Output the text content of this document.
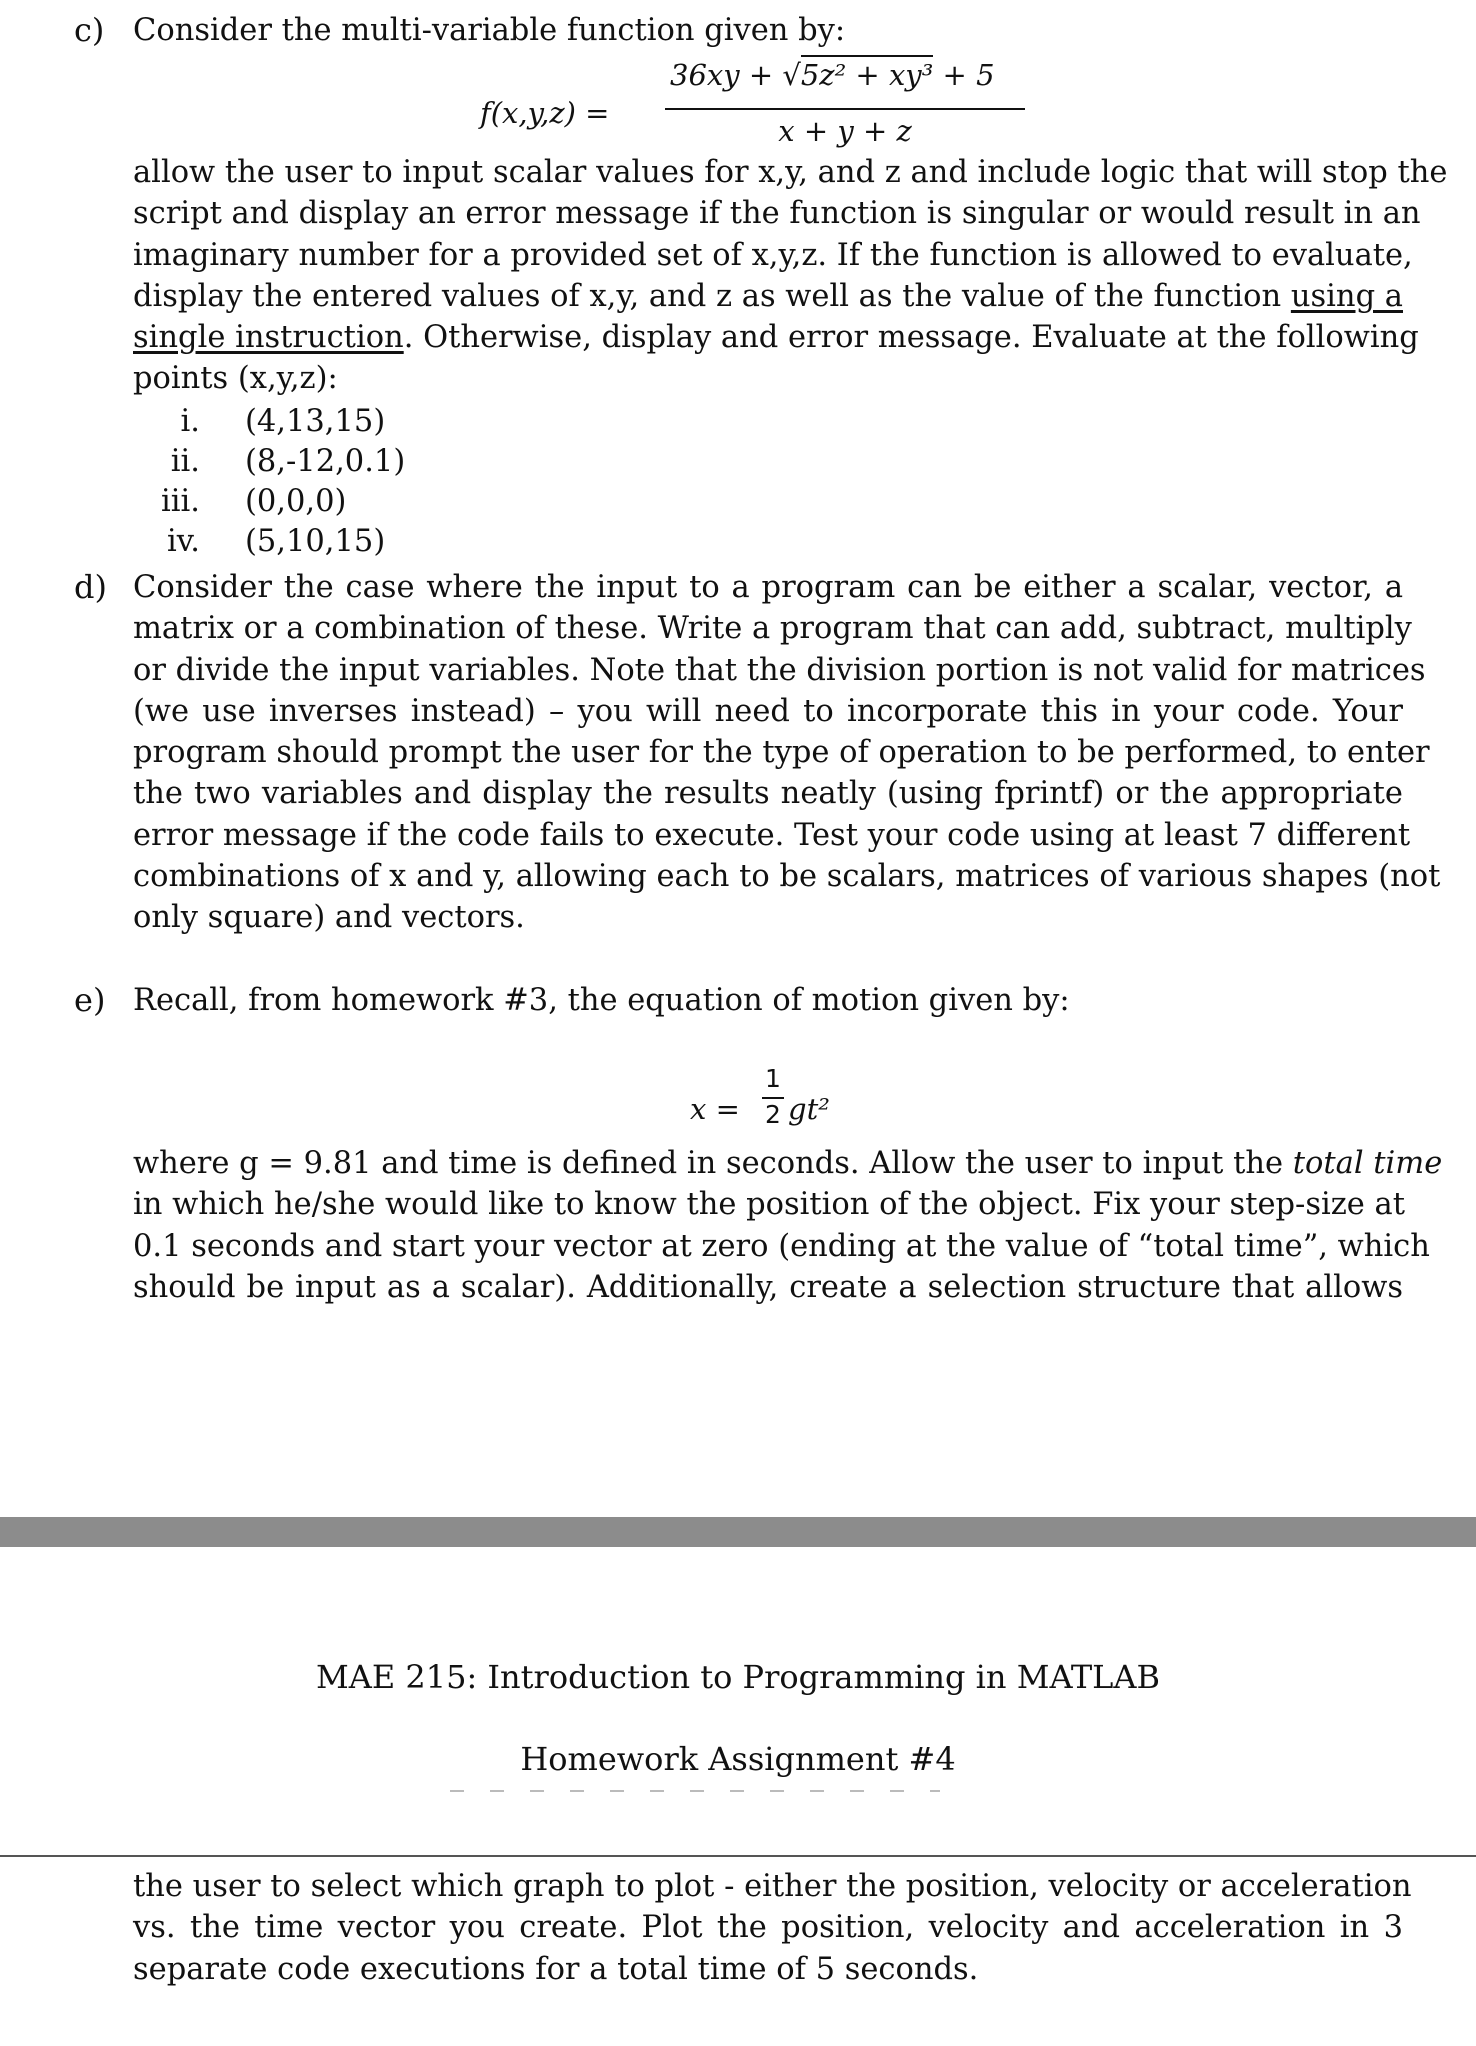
c) Consider the multi-variable function given by:
f(x,y,z) =
36xy + √5z² + xy³ + 5
x + y + z
allow the user to input scalar values for x,y, and z and include logic that will stop the
script and display an error message if the function is singular or would result in an
imaginary number for a provided set of x,y,z. If the function is allowed to evaluate,
display the entered values of x,y, and z as well as the value of the function using a
single instruction. Otherwise, display and error message. Evaluate at the following
points (x,y,z):
i. (4,13,15)
ii. (8,-12,0.1)
iii. (0,0,0)
iv. (5,10,15)
d) Consider the case where the input to a program can be either a scalar, vector, a
matrix or a combination of these. Write a program that can add, subtract, multiply
or divide the input variables. Note that the division portion is not valid for matrices
(we use inverses instead) – you will need to incorporate this in your code. Your
program should prompt the user for the type of operation to be performed, to enter
the two variables and display the results neatly (using fprintf) or the appropriate
error message if the code fails to execute. Test your code using at least 7 different
combinations of x and y, allowing each to be scalars, matrices of various shapes (not
only square) and vectors.
e) Recall, from homework #3, the equation of motion given by:
x =
1
2 gt²
where g = 9.81 and time is defined in seconds. Allow the user to input the total time
in which he/she would like to know the position of the object. Fix your step-size at
0.1 seconds and start your vector at zero (ending at the value of “total time”, which
should be input as a scalar). Additionally, create a selection structure that allows
MAE 215: Introduction to Programming in MATLAB
Homework Assignment #4
the user to select which graph to plot - either the position, velocity or acceleration
vs. the time vector you create. Plot the position, velocity and acceleration in 3
separate code executions for a total time of 5 seconds.
